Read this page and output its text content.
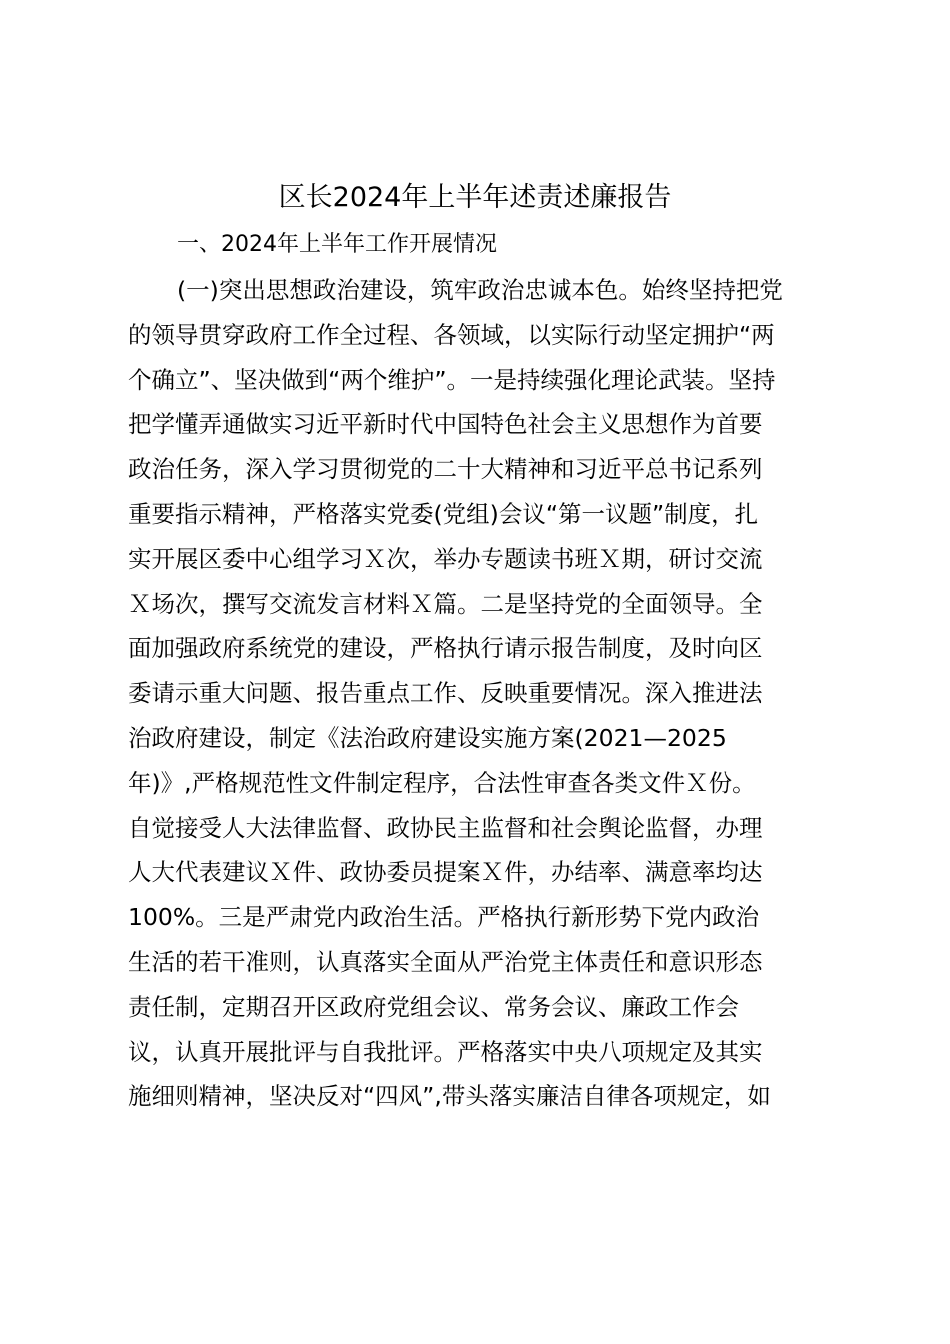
区长2024年上半年述责述廉报告
一、2024年上半年工作开展情况
(一)突出思想政治建设，筑牢政治忠诚本色。始终坚持把党
的领导贯穿政府工作全过程、各领域，以实际行动坚定拥护“两
个确立”、坚决做到“两个维护”。一是持续强化理论武装。坚持
把学懂弄通做实习近平新时代中国特色社会主义思想作为首要
政治任务，深入学习贯彻党的二十大精神和习近平总书记系列
重要指示精神，严格落实党委(党组)会议“第一议题”制度，扎
实开展区委中心组学习Ｘ次，举办专题读书班Ｘ期，研讨交流
Ｘ场次，撰写交流发言材料Ｘ篇。二是坚持党的全面领导。全
面加强政府系统党的建设，严格执行请示报告制度，及时向区
委请示重大问题、报告重点工作、反映重要情况。深入推进法
治政府建设，制定《法治政府建设实施方案(2021—2025
年)》,严格规范性文件制定程序，合法性审查各类文件Ｘ份。
自觉接受人大法律监督、政协民主监督和社会舆论监督，办理
人大代表建议Ｘ件、政协委员提案Ｘ件，办结率、满意率均达
100%。三是严肃党内政治生活。严格执行新形势下党内政治
生活的若干准则，认真落实全面从严治党主体责任和意识形态
责任制，定期召开区政府党组会议、常务会议、廉政工作会
议，认真开展批评与自我批评。严格落实中央八项规定及其实
施细则精神，坚决反对“四风”,带头落实廉洁自律各项规定，如
